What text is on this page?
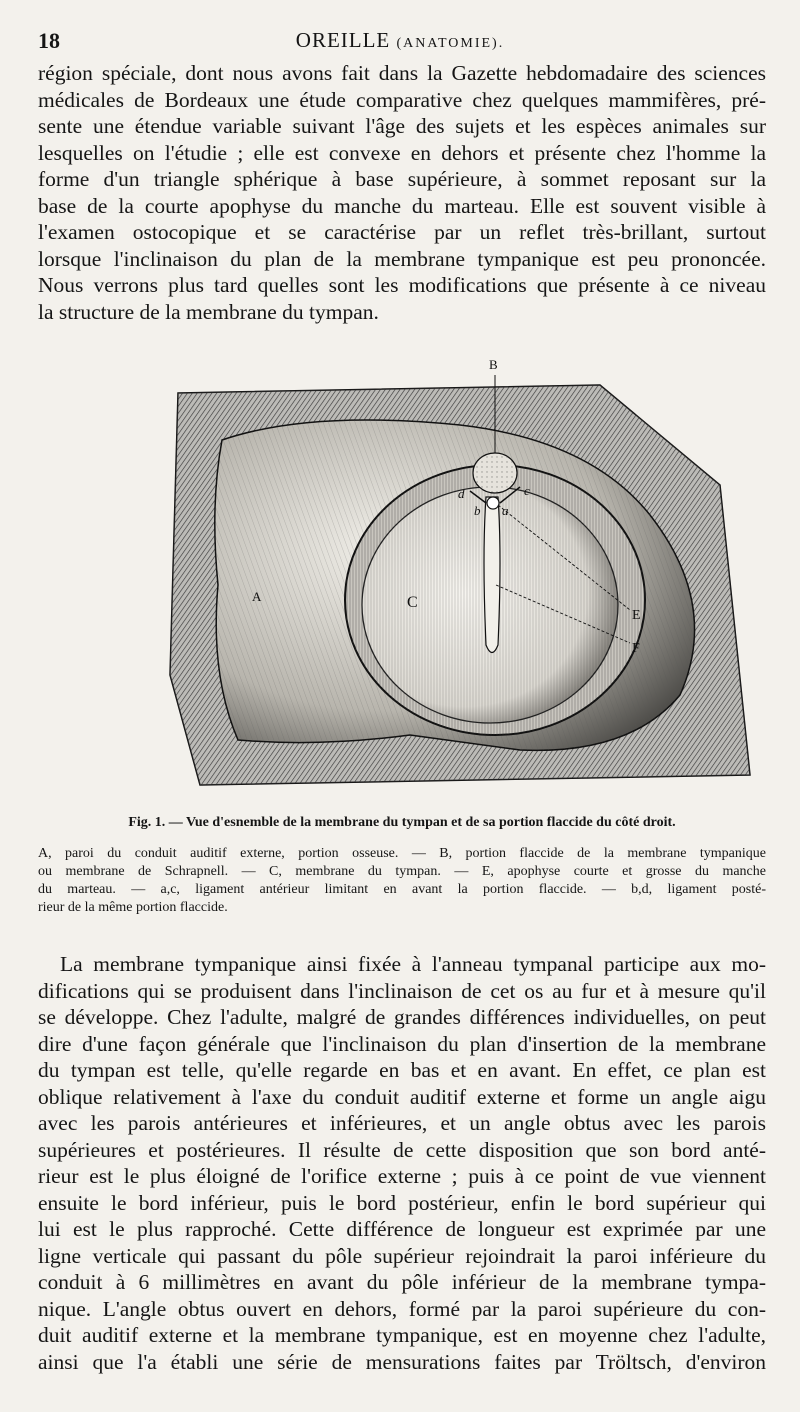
18	OREILLE (ANATOMIE).
région spéciale, dont nous avons fait dans la Gazette hebdomadaire des sciences
médicales de Bordeaux une étude comparative chez quelques mammifères, pré-
sente une étendue variable suivant l'âge des sujets et les espèces animales sur
lesquelles on l'étudie ; elle est convexe en dehors et présente chez l'homme la
forme d'un triangle sphérique à base supérieure, à sommet reposant sur la
base de la courte apophyse du manche du marteau. Elle est souvent visible à
l'examen ostocopique et se caractérise par un reflet très-brillant, surtout
lorsque l'inclinaison du plan de la membrane tympanique est peu prononcée.
Nous verrons plus tard quelles sont les modifications que présente à ce niveau
la structure de la membrane du tympan.
B
A	C
E
F
a
b
c
d
Fig. 1. — Vue d'esnemble de la membrane du tympan et de sa portion flaccide du côté droit.
A, paroi du conduit auditif externe, portion osseuse. — B, portion flaccide de la membrane tympanique
ou membrane de Schrapnell. — C, membrane du tympan. — E, apophyse courte et grosse du manche
du marteau. — a,c, ligament antérieur limitant en avant la portion flaccide. — b,d, ligament posté-
rieur de la même portion flaccide.
La membrane tympanique ainsi fixée à l'anneau tympanal participe aux mo-
difications qui se produisent dans l'inclinaison de cet os au fur et à mesure qu'il
se développe. Chez l'adulte, malgré de grandes différences individuelles, on peut
dire d'une façon générale que l'inclinaison du plan d'insertion de la membrane
du tympan est telle, qu'elle regarde en bas et en avant. En effet, ce plan est
oblique relativement à l'axe du conduit auditif externe et forme un angle aigu
avec les parois antérieures et inférieures, et un angle obtus avec les parois
supérieures et postérieures. Il résulte de cette disposition que son bord anté-
rieur est le plus éloigné de l'orifice externe ; puis à ce point de vue viennent
ensuite le bord inférieur, puis le bord postérieur, enfin le bord supérieur qui
lui est le plus rapproché. Cette différence de longueur est exprimée par une
ligne verticale qui passant du pôle supérieur rejoindrait la paroi inférieure du
conduit à 6 millimètres en avant du pôle inférieur de la membrane tympa-
nique. L'angle obtus ouvert en dehors, formé par la paroi supérieure du con-
duit auditif externe et la membrane tympanique, est en moyenne chez l'adulte,
ainsi que l'a établi une série de mensurations faites par Tröltsch, d'environ
